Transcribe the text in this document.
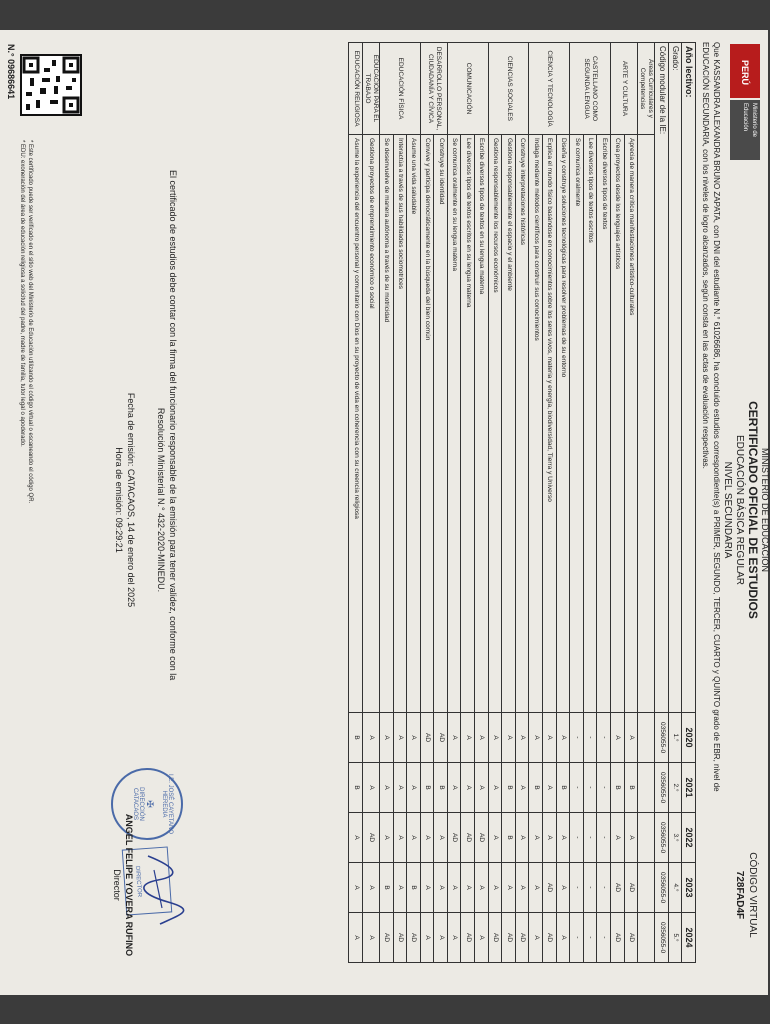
PERÚ
Ministerio de Educación
MINISTERIO DE EDUCACIÓN
CERTIFICADO OFICIAL DE ESTUDIOS
EDUCACIÓN BÁSICA REGULAR
NIVEL SECUNDARIA
CÓDIGO VIRTUAL
728FAD4F
Que KASSANDRA ALEXANDRA BRUNO ZAPATA, con DNI del estudiante N.° 61026686, ha concluido estudios correspondiente(s) a PRIMER, SEGUNDO, TERCER, CUARTO y QUINTO grado de EBR, nivel de
EDUCACIÓN SECUNDARIA, con los niveles de logro alcanzados, según consta en las actas de evaluación respectivas.
Año lectivo:		2020	2021	2022	2023	2024
Grado:		1.°	2.°	3.°	4.°	5.°
Código modular de la IE:		0356055-0	0356055-0	0356055-0	0356055-0	0356055-0
Áreas Curriculares y Competencias						
ARTE Y CULTURA	Aprecia de manera crítica manifestaciones artístico-culturales	A	B	A	AD	AD
	Crea proyectos desde los lenguajes artísticos	A	B	A	AD	AD
CASTELLANO COMO SEGUNDA LENGUA	Escribe diversos tipos de textos	-	-	-	-	-
	Lee diversos tipos de textos escritos	-	-	-	-	-
	Se comunica oralmente	-	-	-	-	-
CIENCIA Y TECNOLOGÍA	Diseña y construye soluciones tecnológicas para resolver problemas de su entorno	A	B	A	A	A
	Explica el mundo físico basándose en conocimientos sobre los seres vivos, materia y energía, biodiversidad, Tierra y Universo	A	A	A	AD	AD
	Indaga mediante métodos científicos para construir sus conocimientos	A	B	A	A	A
CIENCIAS SOCIALES	Construye interpretaciones históricas	A	A	A	A	AD
	Gestiona responsablemente el espacio y el ambiente	A	B	B	A	AD
	Gestiona responsablemente los recursos económicos	A	A	A	A	AD
COMUNICACIÓN	Escribe diversos tipos de textos en su lengua materna	A	A	AD	A	A
	Lee diversos tipos de textos escritos en su lengua materna	A	A	AD	A	AD
	Se comunica oralmente en su lengua materna	A	A	AD	A	A
DESARROLLO PERSONAL, CIUDADANÍA Y CÍVICA	Construye su identidad	AD	B	A	A	A
	Convive y participa democráticamente en la búsqueda del bien común	AD	B	A	A	A
EDUCACIÓN FÍSICA	Asume una vida saludable	A	A	A	B	AD
	Interactúa a través de sus habilidades sociomotrices	A	A	A	A	AD
	Se desenvuelve de manera autónoma a través de su motricidad	A	A	A	B	AD
EDUCACIÓN PARA EL TRABAJO	Gestiona proyectos de emprendimiento económico o social	A	A	AD	A	A
EDUCACIÓN RELIGIOSA	Asume la experiencia del encuentro personal y comunitario con Dios en su proyecto de vida en coherencia con su creencia religiosa	B	B	A	A	A
El certificado de estudios debe contar con la firma del funcionario responsable de la emisión para tener validez, conforme con la
Resolución Ministerial N.° 432-2020-MINEDU.
Fecha de emisión: CATACAOS, 14 de enero del 2025
Hora de emisión: 09:29:21
I.E. JOSÉ CAYETANO HEREDIA
✠
DIRECCIÓN
CATACAOS
DIRECTOR
ANGEL FELIPE YOVERA RUFINO
Director
N.° 09686641
* Este certificado puede ser verificado en el sitio web del Ministerio de Educación utilizando el código virtual o escaneando el código QR.
* EDU: exoneración del área de educación religiosa a solicitud del padre, madre de familia, tutor legal o apoderado.
